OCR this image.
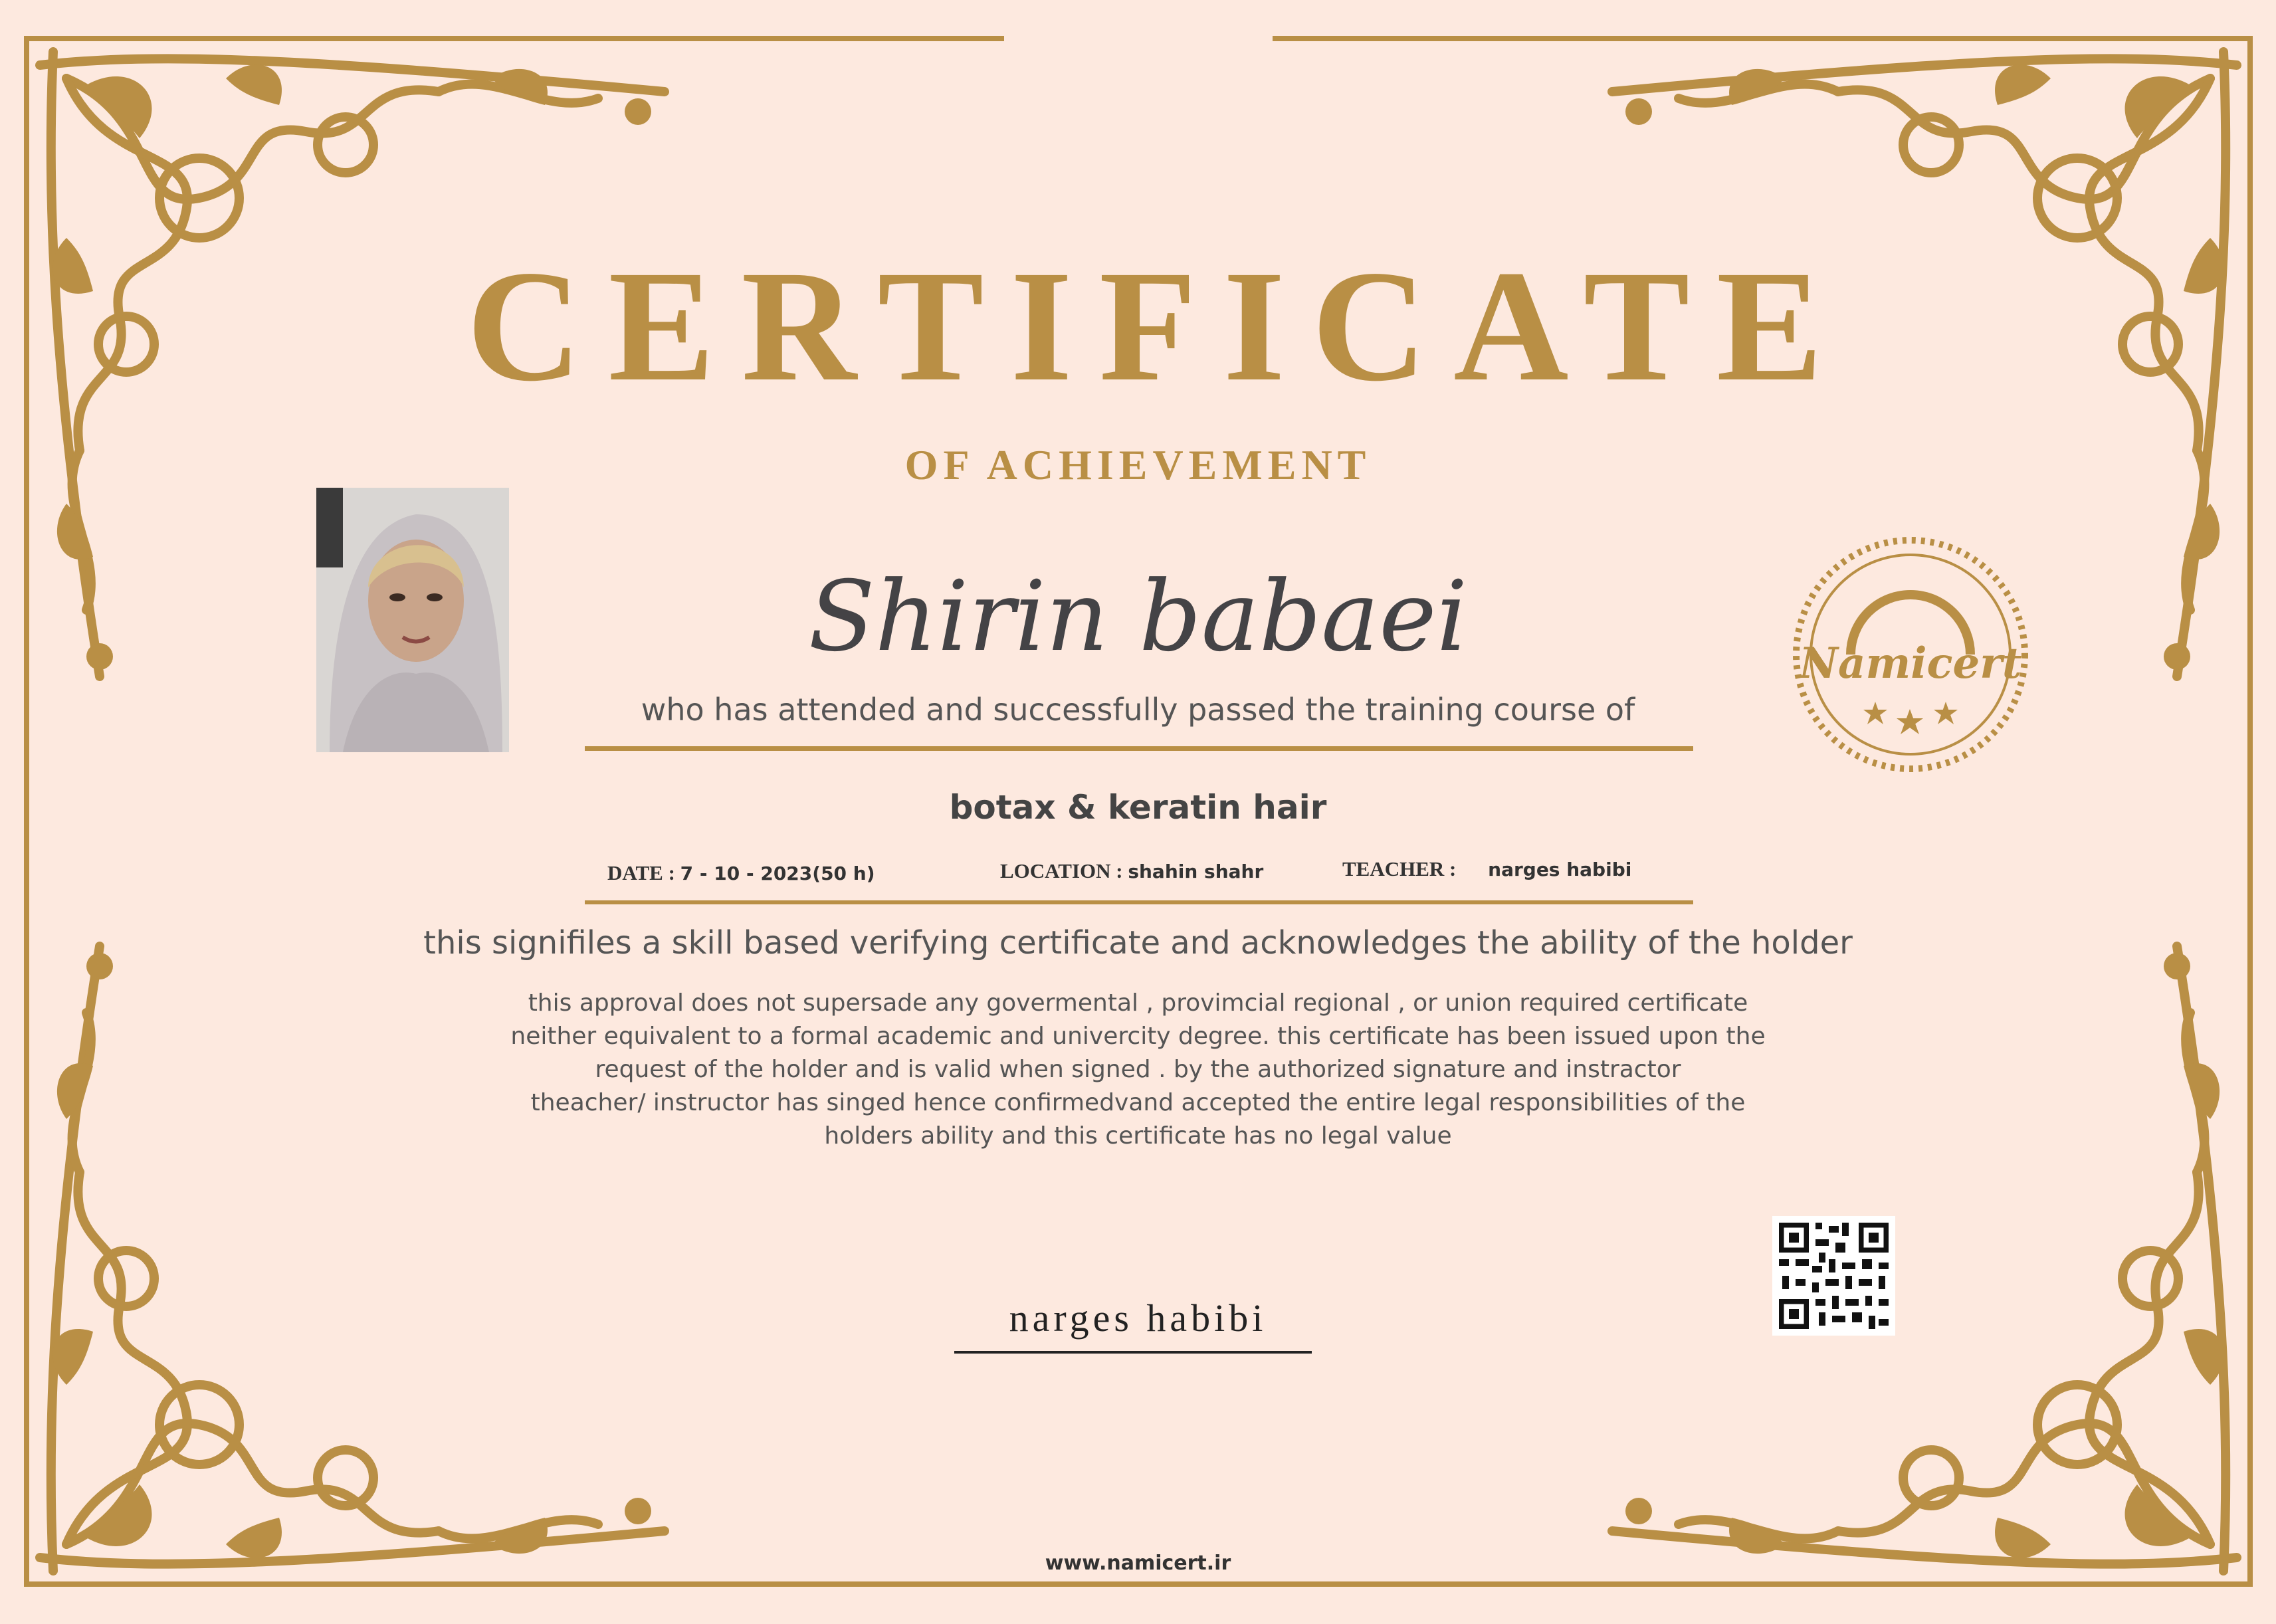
CERTIFICATE
OF ACHIEVEMENT
Namicert
Shirin babaei
who has attended and successfully passed the training course of
botax & keratin hair
DATE : 7 - 10 - 2023(50 h)	LOCATION : shahin shahr	TEACHER : narges habibi
this signifiles a skill based verifying certificate and acknowledges the ability of the holder
this approval does not supersade any govermental , provimcial regional , or union required certificate
neither equivalent to a formal academic and univercity degree. this certificate has been issued upon the
request of the holder and is valid when signed . by the authorized signature and instractor
theacher/ instructor has singed hence confirmedvand accepted the entire legal responsibilities of the
holders ability and this certificate has no legal value
narges habibi
www.namicert.ir
